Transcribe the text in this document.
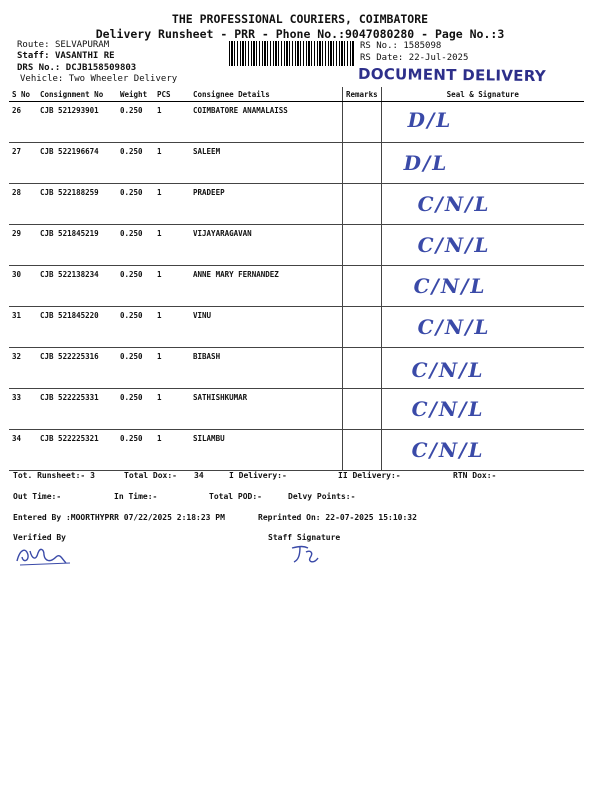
THE PROFESSIONAL COURIERS, COIMBATORE
Delivery Runsheet - PRR - Phone No.:9047080280 - Page No.:3
Route: SELVAPURAM
Staff: VASANTHI RE
DRS No.: DCJB158509803
Vehicle: Two Wheeler Delivery
RS No.: 1585098
RS Date: 22-Jul-2025
DOCUMENT DELIVERY
S No	Consignment No	Weight	PCS	Consignee Details	Remarks	Seal & Signature
26	CJB 521293901	0.250	1	COIMBATORE ANAMALAISS		D/L

27	CJB 522196674	0.250	1	SALEEM		D/L

28	CJB 522188259	0.250	1	PRADEEP		C/N/L

29	CJB 521845219	0.250	1	VIJAYARAGAVAN		C/N/L

30	CJB 522138234	0.250	1	ANNE MARY FERNANDEZ		C/N/L

31	CJB 521845220	0.250	1	VINU		C/N/L

32	CJB 522225316	0.250	1	BIBASH		C/N/L

33	CJB 522225331	0.250	1	SATHISHKUMAR		C/N/L

34	CJB 522225321	0.250	1	SILAMBU		C/N/L
Tot. Runsheet:- 3	Total Dox:- 34	I Delivery:-	II Delivery:-	RTN Dox:-
Out Time:-	In Time:-	Total POD:-	Delvy Points:-
Entered By :MOORTHYPRR 07/22/2025 2:18:23 PM	Reprinted On: 22-07-2025 15:10:32
Verified By	Staff Signature
